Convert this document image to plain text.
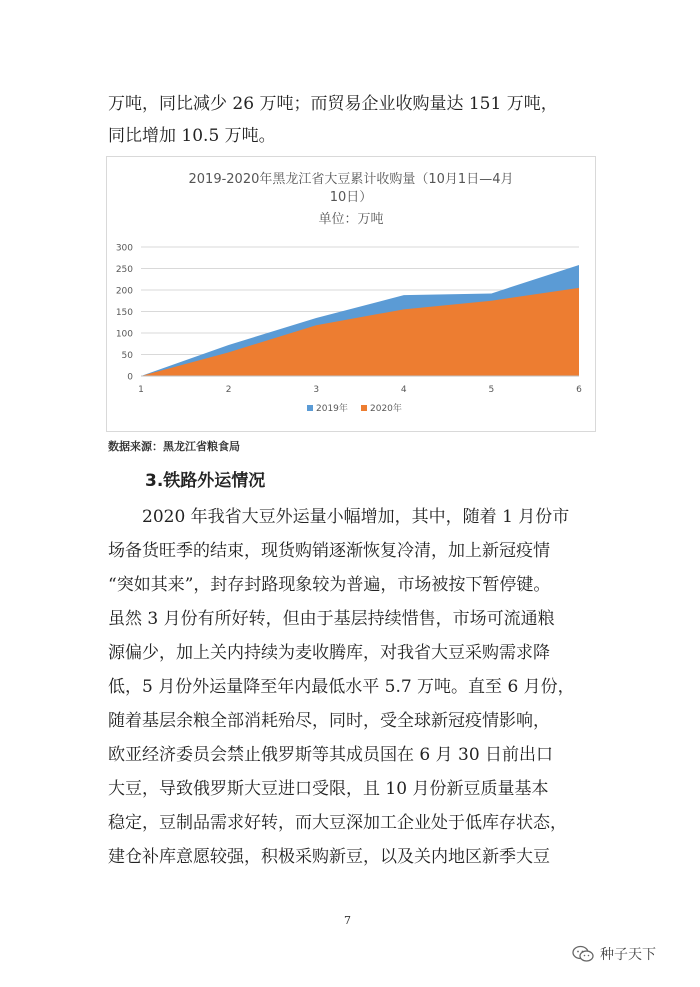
万吨，同比减少 26 万吨；而贸易企业收购量达 151 万吨，
同比增加 10.5 万吨。
2019-2020年黑龙江省大豆累计收购量（10月1日—4月
10日）
单位：万吨
0
50
100
150
200
250
300
1	2	3	4	5	6
2019年 2020年
数据来源：黑龙江省粮食局
3.铁路外运情况
2020 年我省大豆外运量小幅增加，其中，随着 1 月份市
场备货旺季的结束，现货购销逐渐恢复冷清，加上新冠疫情
“突如其来”，封存封路现象较为普遍，市场被按下暂停键。
虽然 3 月份有所好转，但由于基层持续惜售，市场可流通粮
源偏少，加上关内持续为麦收腾库，对我省大豆采购需求降
低，5 月份外运量降至年内最低水平 5.7 万吨。直至 6 月份，
随着基层余粮全部消耗殆尽，同时，受全球新冠疫情影响，
欧亚经济委员会禁止俄罗斯等其成员国在 6 月 30 日前出口
大豆，导致俄罗斯大豆进口受限，且 10 月份新豆质量基本
稳定，豆制品需求好转，而大豆深加工企业处于低库存状态，
建仓补库意愿较强，积极采购新豆，以及关内地区新季大豆
7
种子天下
